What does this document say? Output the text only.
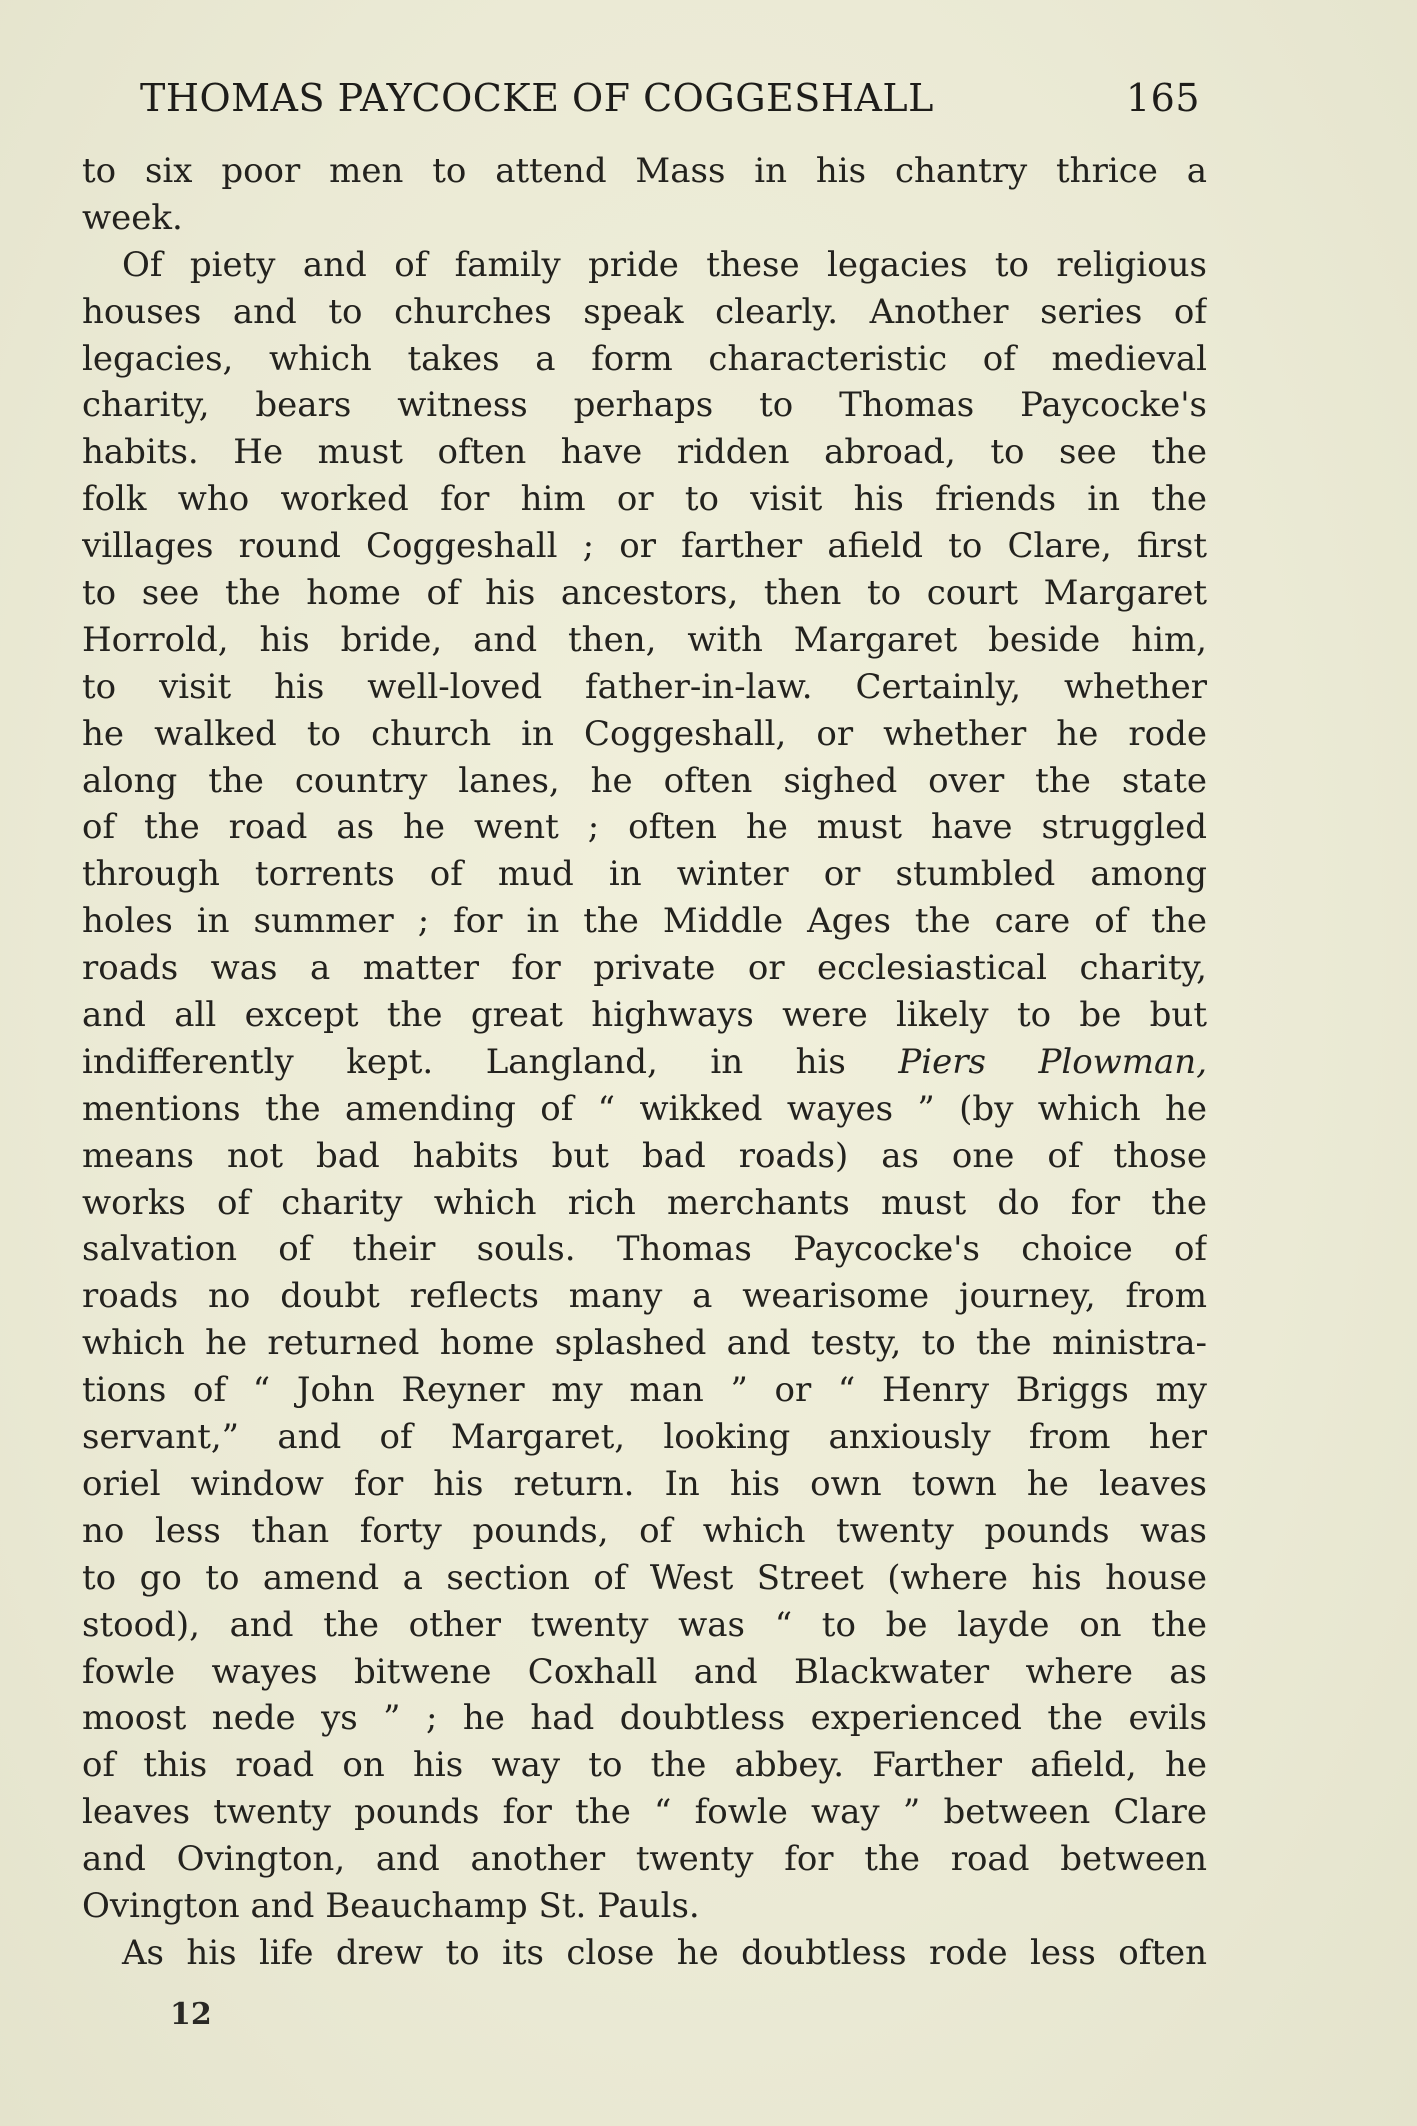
THOMAS PAYCOCKE OF COGGESHALL	165
to six poor men to attend Mass in his chantry thrice a
week.
Of piety and of family pride these legacies to religious
houses and to churches speak clearly. Another series of
legacies, which takes a form characteristic of medieval
charity, bears witness perhaps to Thomas Paycocke's
habits. He must often have ridden abroad, to see the
folk who worked for him or to visit his friends in the
villages round Coggeshall ; or farther afield to Clare, first
to see the home of his ancestors, then to court Margaret
Horrold, his bride, and then, with Margaret beside him,
to visit his well-loved father-in-law. Certainly, whether
he walked to church in Coggeshall, or whether he rode
along the country lanes, he often sighed over the state
of the road as he went ; often he must have struggled
through torrents of mud in winter or stumbled among
holes in summer ; for in the Middle Ages the care of the
roads was a matter for private or ecclesiastical charity,
and all except the great highways were likely to be but
indifferently kept. Langland, in his Piers Plowman,
mentions the amending of “ wikked wayes ” (by which he
means not bad habits but bad roads) as one of those
works of charity which rich merchants must do for the
salvation of their souls. Thomas Paycocke's choice of
roads no doubt reflects many a wearisome journey, from
which he returned home splashed and testy, to the ministra-
tions of “ John Reyner my man ” or “ Henry Briggs my
servant,” and of Margaret, looking anxiously from her
oriel window for his return. In his own town he leaves
no less than forty pounds, of which twenty pounds was
to go to amend a section of West Street (where his house
stood), and the other twenty was “ to be layde on the
fowle wayes bitwene Coxhall and Blackwater where as
moost nede ys ” ; he had doubtless experienced the evils
of this road on his way to the abbey. Farther afield, he
leaves twenty pounds for the “ fowle way ” between Clare
and Ovington, and another twenty for the road between
Ovington and Beauchamp St. Pauls.
As his life drew to its close he doubtless rode less often
12
